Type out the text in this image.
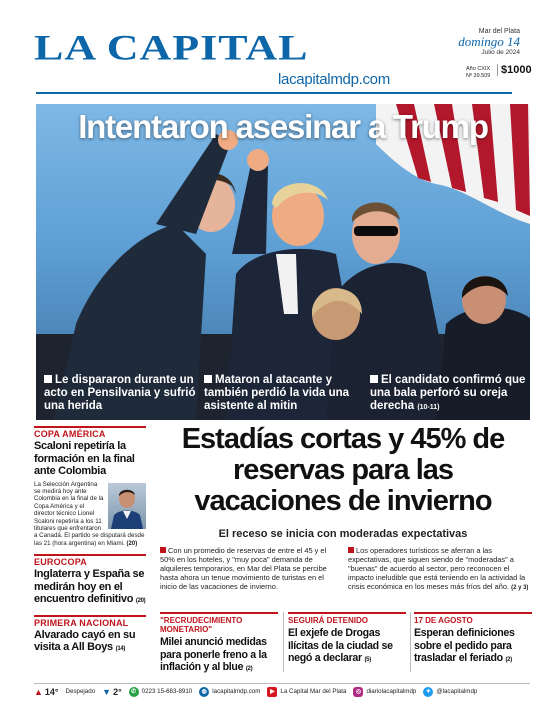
LA CAPITAL
lacapitalmdp.com
Mar del Plata
domingo 14
Julio de 2024
Año CXIX
Nº 39.509 $1000
Intentaron asesinar a Trump
Le dispararon durante un acto en Pensilvania y sufrió una herida
Mataron al atacante y también perdió la vida una asistente al mitin
El candidato confirmó que una bala perforó su oreja derecha (10-11)
COPA AMÉRICA
Scaloni repetiría la formación en la final ante Colombia
La Selección Argentina se medirá hoy ante Colombia en la final de la Copa América y el director técnico Lionel Scaloni repetiría a los 11 titulares que enfrentaron a Canadá. El partido se disputará desde las 21 (hora argentina) en Miami. (20)
EUROCOPA
Inglaterra y España se medirán hoy en el encuentro definitivo (20)
PRIMERA NACIONAL
Alvarado cayó en su visita a All Boys (14)
Estadías cortas y 45% de reservas para las vacaciones de invierno
El receso se inicia con moderadas expectativas
Con un promedio de reservas de entre el 45 y el 50% en los hoteles, y "muy poca" demanda de alquileres temporarios, en Mar del Plata se percibe hasta ahora un tenue movimiento de turistas en el inicio de las vacaciones de invierno.
Los operadores turísticos se aferran a las expectativas, que siguen siendo de "moderadas" a "buenas" de acuerdo al sector, pero reconocen el impacto ineludible que está teniendo en la actividad la crisis económica en los meses más fríos del año. (2 y 3)
"RECRUDECIMIENTO MONETARIO"
Milei anunció medidas para ponerle freno a la inflación y al blue (2)
SEGUIRÁ DETENIDO
El exjefe de Drogas Ilícitas de la ciudad se negó a declarar (5)
17 DE AGOSTO
Esperan definiciones sobre el pedido para trasladar el feriado (2)
▲ 14° Despejado ▼ 2°	✆ 0223 15-683-8910	◍ lacapitalmdp.com	▶ La Capital Mar del Plata	◎ diariolacapitalmdp	✦ @lacapitalmdp
